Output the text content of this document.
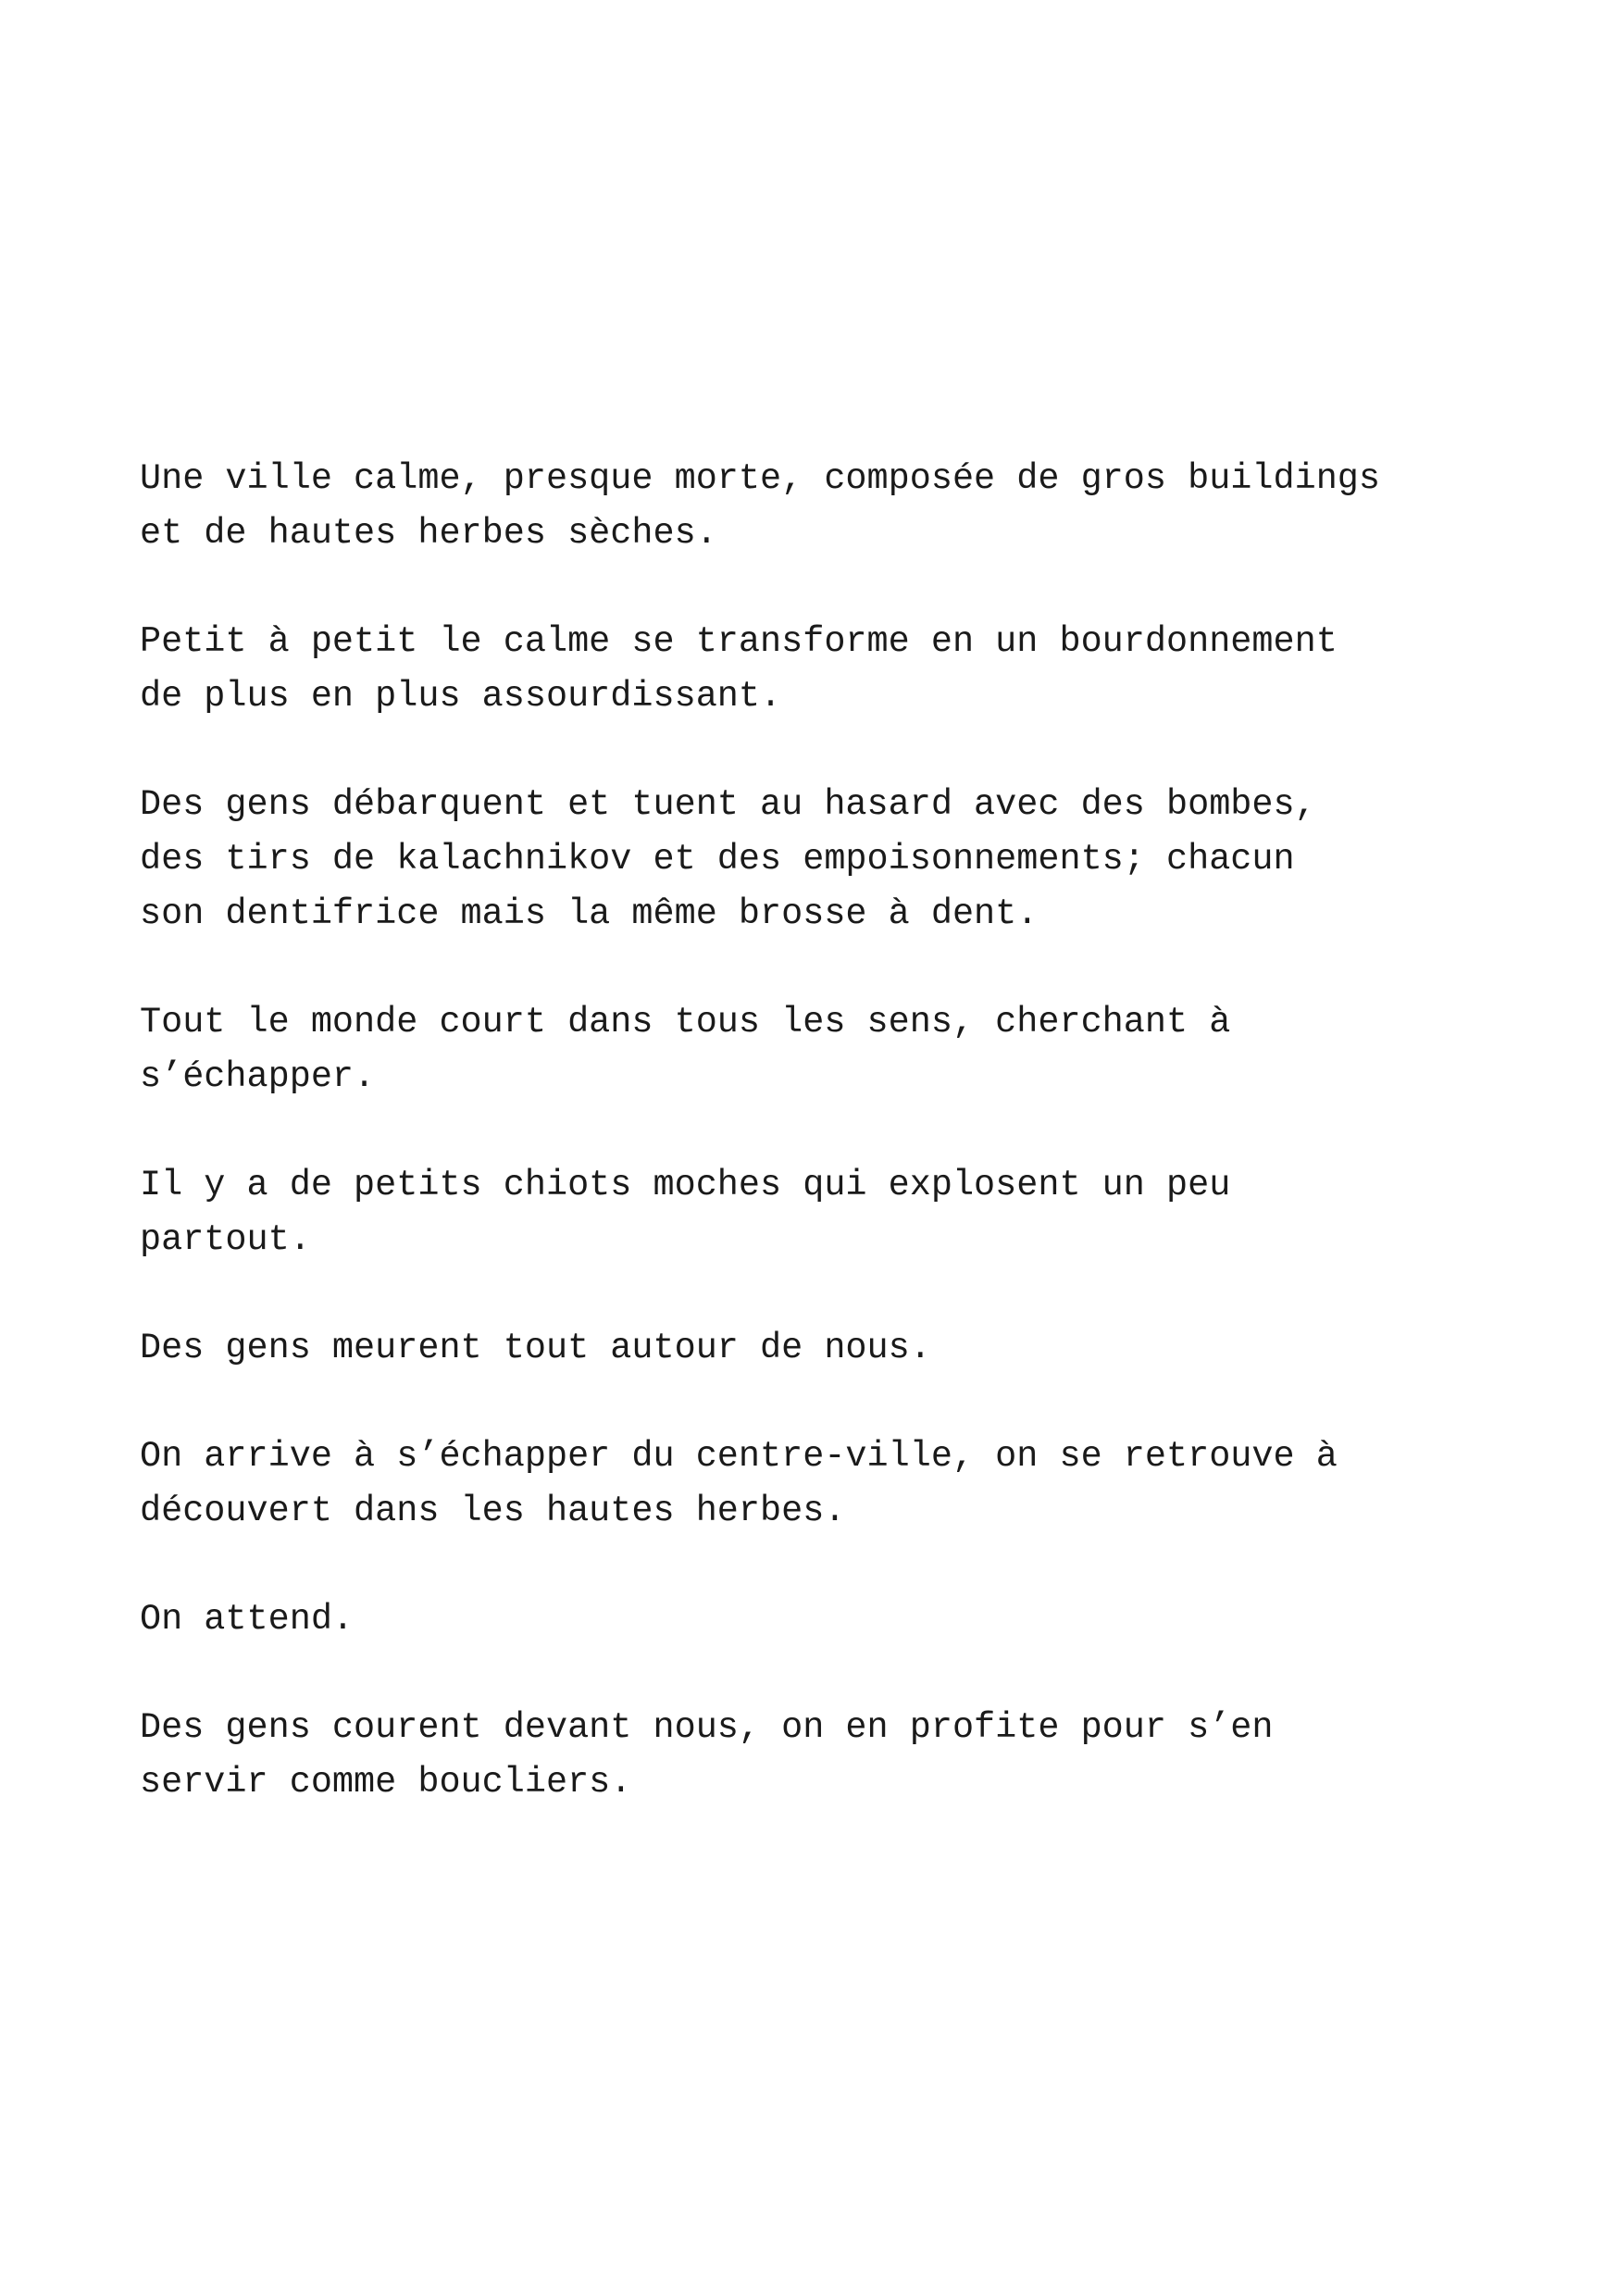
Une ville calme, presque morte, composée de gros buildings
et de hautes herbes sèches.

Petit à petit le calme se transforme en un bourdonnement
de plus en plus assourdissant.

Des gens débarquent et tuent au hasard avec des bombes,
des tirs de kalachnikov et des empoisonnements; chacun
son dentifrice mais la même brosse à dent.

Tout le monde court dans tous les sens, cherchant à
s’échapper.

Il y a de petits chiots moches qui explosent un peu
partout.

Des gens meurent tout autour de nous.

On arrive à s’échapper du centre-ville, on se retrouve à
découvert dans les hautes herbes.

On attend.

Des gens courent devant nous, on en profite pour s’en
servir comme boucliers.
